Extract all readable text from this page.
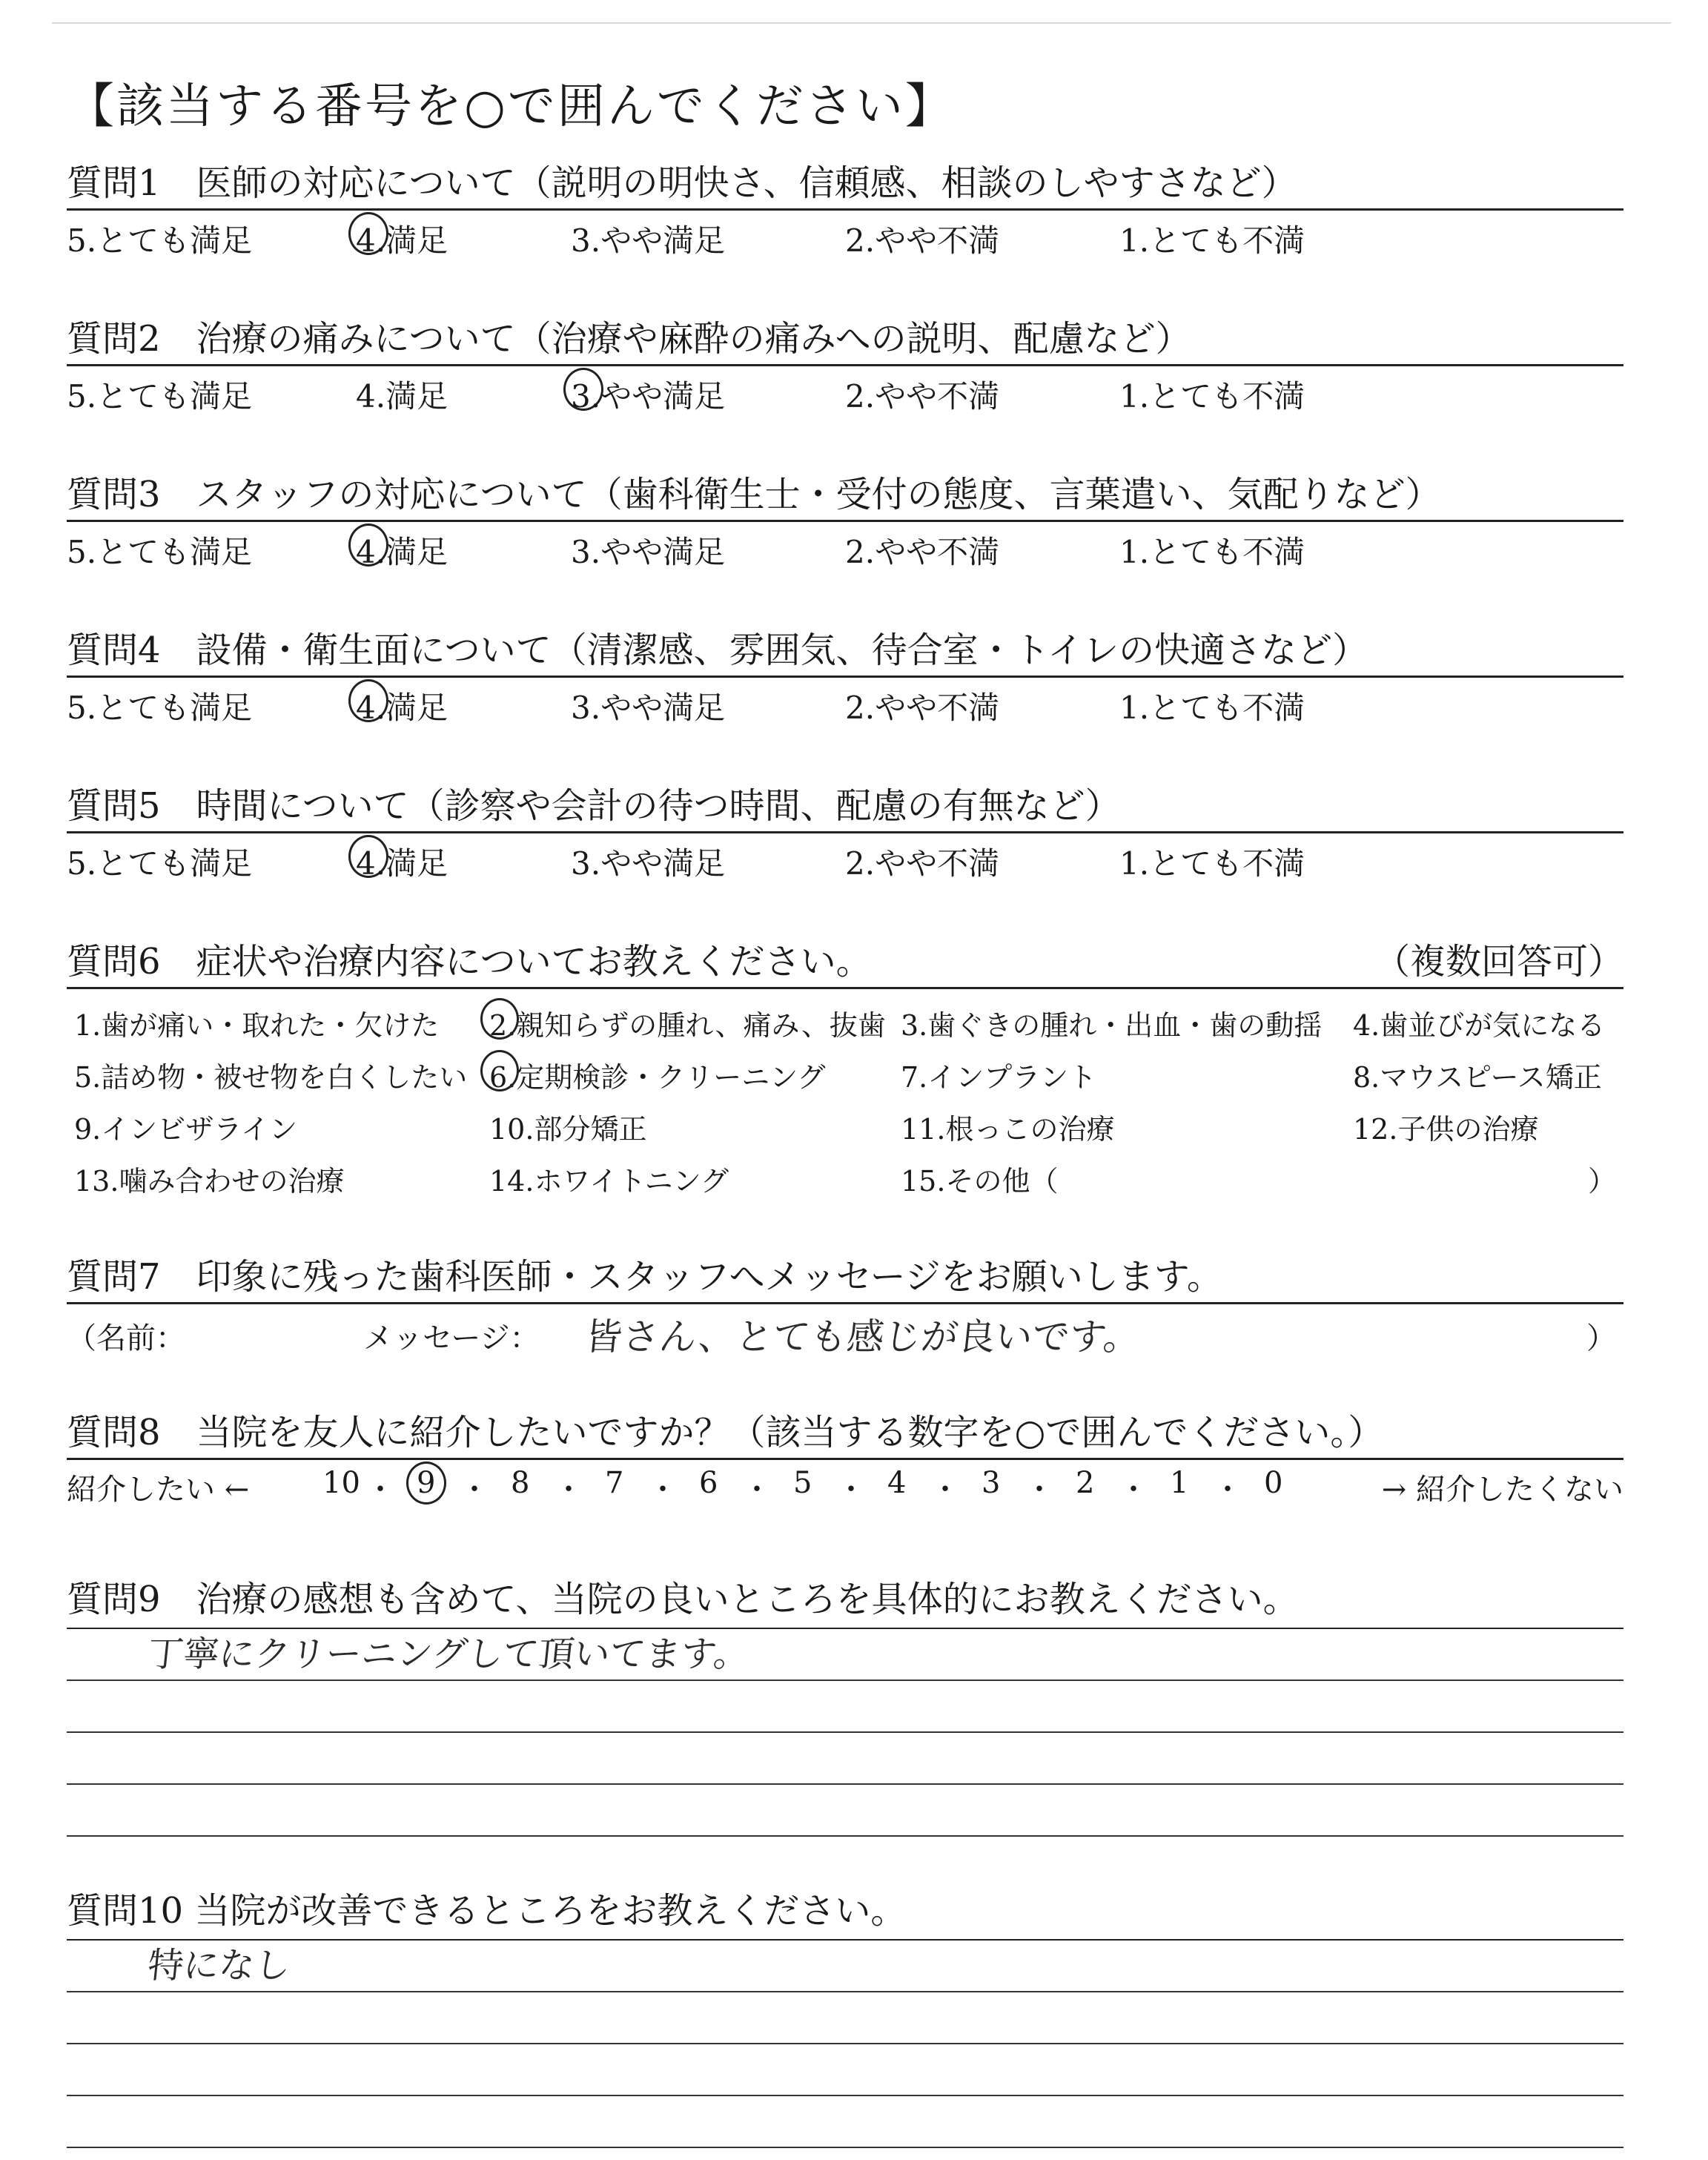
【該当する番号を○で囲んでください】
質問1　医師の対応について（説明の明快さ、信頼感、相談のしやすさなど）
5.とても満足	4.満足	3.やや満足	2.やや不満	1.とても不満
質問2　治療の痛みについて（治療や麻酔の痛みへの説明、配慮など）
5.とても満足	4.満足	3.やや満足	2.やや不満	1.とても不満
質問3　スタッフの対応について（歯科衛生士・受付の態度、言葉遣い、気配りなど）
5.とても満足	4.満足	3.やや満足	2.やや不満	1.とても不満
質問4　設備・衛生面について（清潔感、雰囲気、待合室・トイレの快適さなど）
5.とても満足	4.満足	3.やや満足	2.やや不満	1.とても不満
質問5　時間について（診察や会計の待つ時間、配慮の有無など）
5.とても満足	4.満足	3.やや満足	2.やや不満	1.とても不満
質問6　症状や治療内容についてお教えください。	（複数回答可）
1.歯が痛い・取れた・欠けた 2.親知らずの腫れ、痛み、抜歯 3.歯ぐきの腫れ・出血・歯の動揺 4.歯並びが気になる
5.詰め物・被せ物を白くしたい 6.定期検診・クリーニング	7.インプラント	8.マウスピース矯正
9.インビザライン	10.部分矯正	11.根っこの治療	12.子供の治療
13.噛み合わせの治療	14.ホワイトニング	15.その他（	）
質問7　印象に残った歯科医師・スタッフへメッセージをお願いします。
（名前：	メッセージ： 皆さん、とても感じが良いです。	）
質問8　当院を友人に紹介したいですか？（該当する数字を○で囲んでください。）
紹介したい ←	→ 紹介したくない
10 ・ 9 ・ 8 ・ 7 ・ 6 ・ 5 ・ 4 ・ 3 ・ 2 ・ 1 ・ 0
質問9　治療の感想も含めて、当院の良いところを具体的にお教えください。
丁寧にクリーニングして頂いてます。
質問10 当院が改善できるところをお教えください。
特になし
